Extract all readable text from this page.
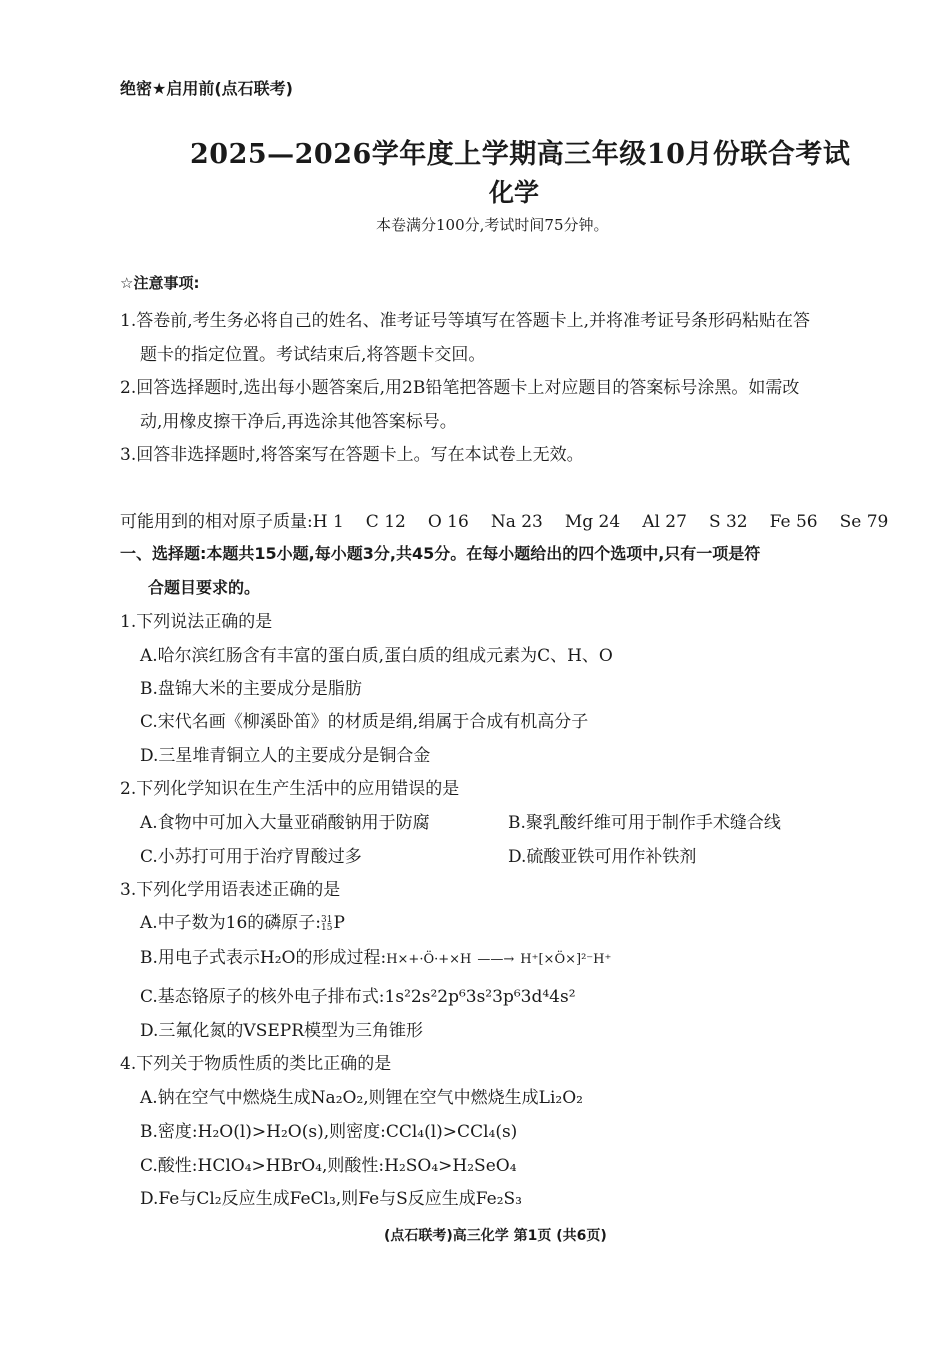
绝密★启用前(点石联考)
2025—2026学年度上学期高三年级10月份联合考试
化学
本卷满分100分,考试时间75分钟。
☆注意事项:
1.答卷前,考生务必将自己的姓名、准考证号等填写在答题卡上,并将准考证号条形码粘贴在答
题卡的指定位置。考试结束后,将答题卡交回。
2.回答选择题时,选出每小题答案后,用2B铅笔把答题卡上对应题目的答案标号涂黑。如需改
动,用橡皮擦干净后,再选涂其他答案标号。
3.回答非选择题时,将答案写在答题卡上。写在本试卷上无效。
可能用到的相对原子质量:H 1 C 12 O 16 Na 23 Mg 24 Al 27 S 32 Fe 56 Se 79
一、选择题:本题共15小题,每小题3分,共45分。在每小题给出的四个选项中,只有一项是符
合题目要求的。
1.下列说法正确的是
A.哈尔滨红肠含有丰富的蛋白质,蛋白质的组成元素为C、H、O
B.盘锦大米的主要成分是脂肪
C.宋代名画《柳溪卧笛》的材质是绢,绢属于合成有机高分子
D.三星堆青铜立人的主要成分是铜合金
2.下列化学知识在生产生活中的应用错误的是
A.食物中可加入大量亚硝酸钠用于防腐	B.聚乳酸纤维可用于制作手术缝合线
C.小苏打可用于治疗胃酸过多	D.硫酸亚铁可用作补铁剂
3.下列化学用语表述正确的是
A.中子数为16的磷原子: 31
15 P
B.用电子式表示H₂O的形成过程:H×+·Ö·+×H ——→ H⁺[×Ö×]²⁻H⁺
C.基态铬原子的核外电子排布式:1s²2s²2p⁶3s²3p⁶3d⁴4s²
D.三氟化氮的VSEPR模型为三角锥形
4.下列关于物质性质的类比正确的是
A.钠在空气中燃烧生成Na₂O₂,则锂在空气中燃烧生成Li₂O₂
B.密度:H₂O(l)>H₂O(s),则密度:CCl₄(l)>CCl₄(s)
C.酸性:HClO₄>HBrO₄,则酸性:H₂SO₄>H₂SeO₄
D.Fe与Cl₂反应生成FeCl₃,则Fe与S反应生成Fe₂S₃
(点石联考)高三化学 第1页 (共6页)
